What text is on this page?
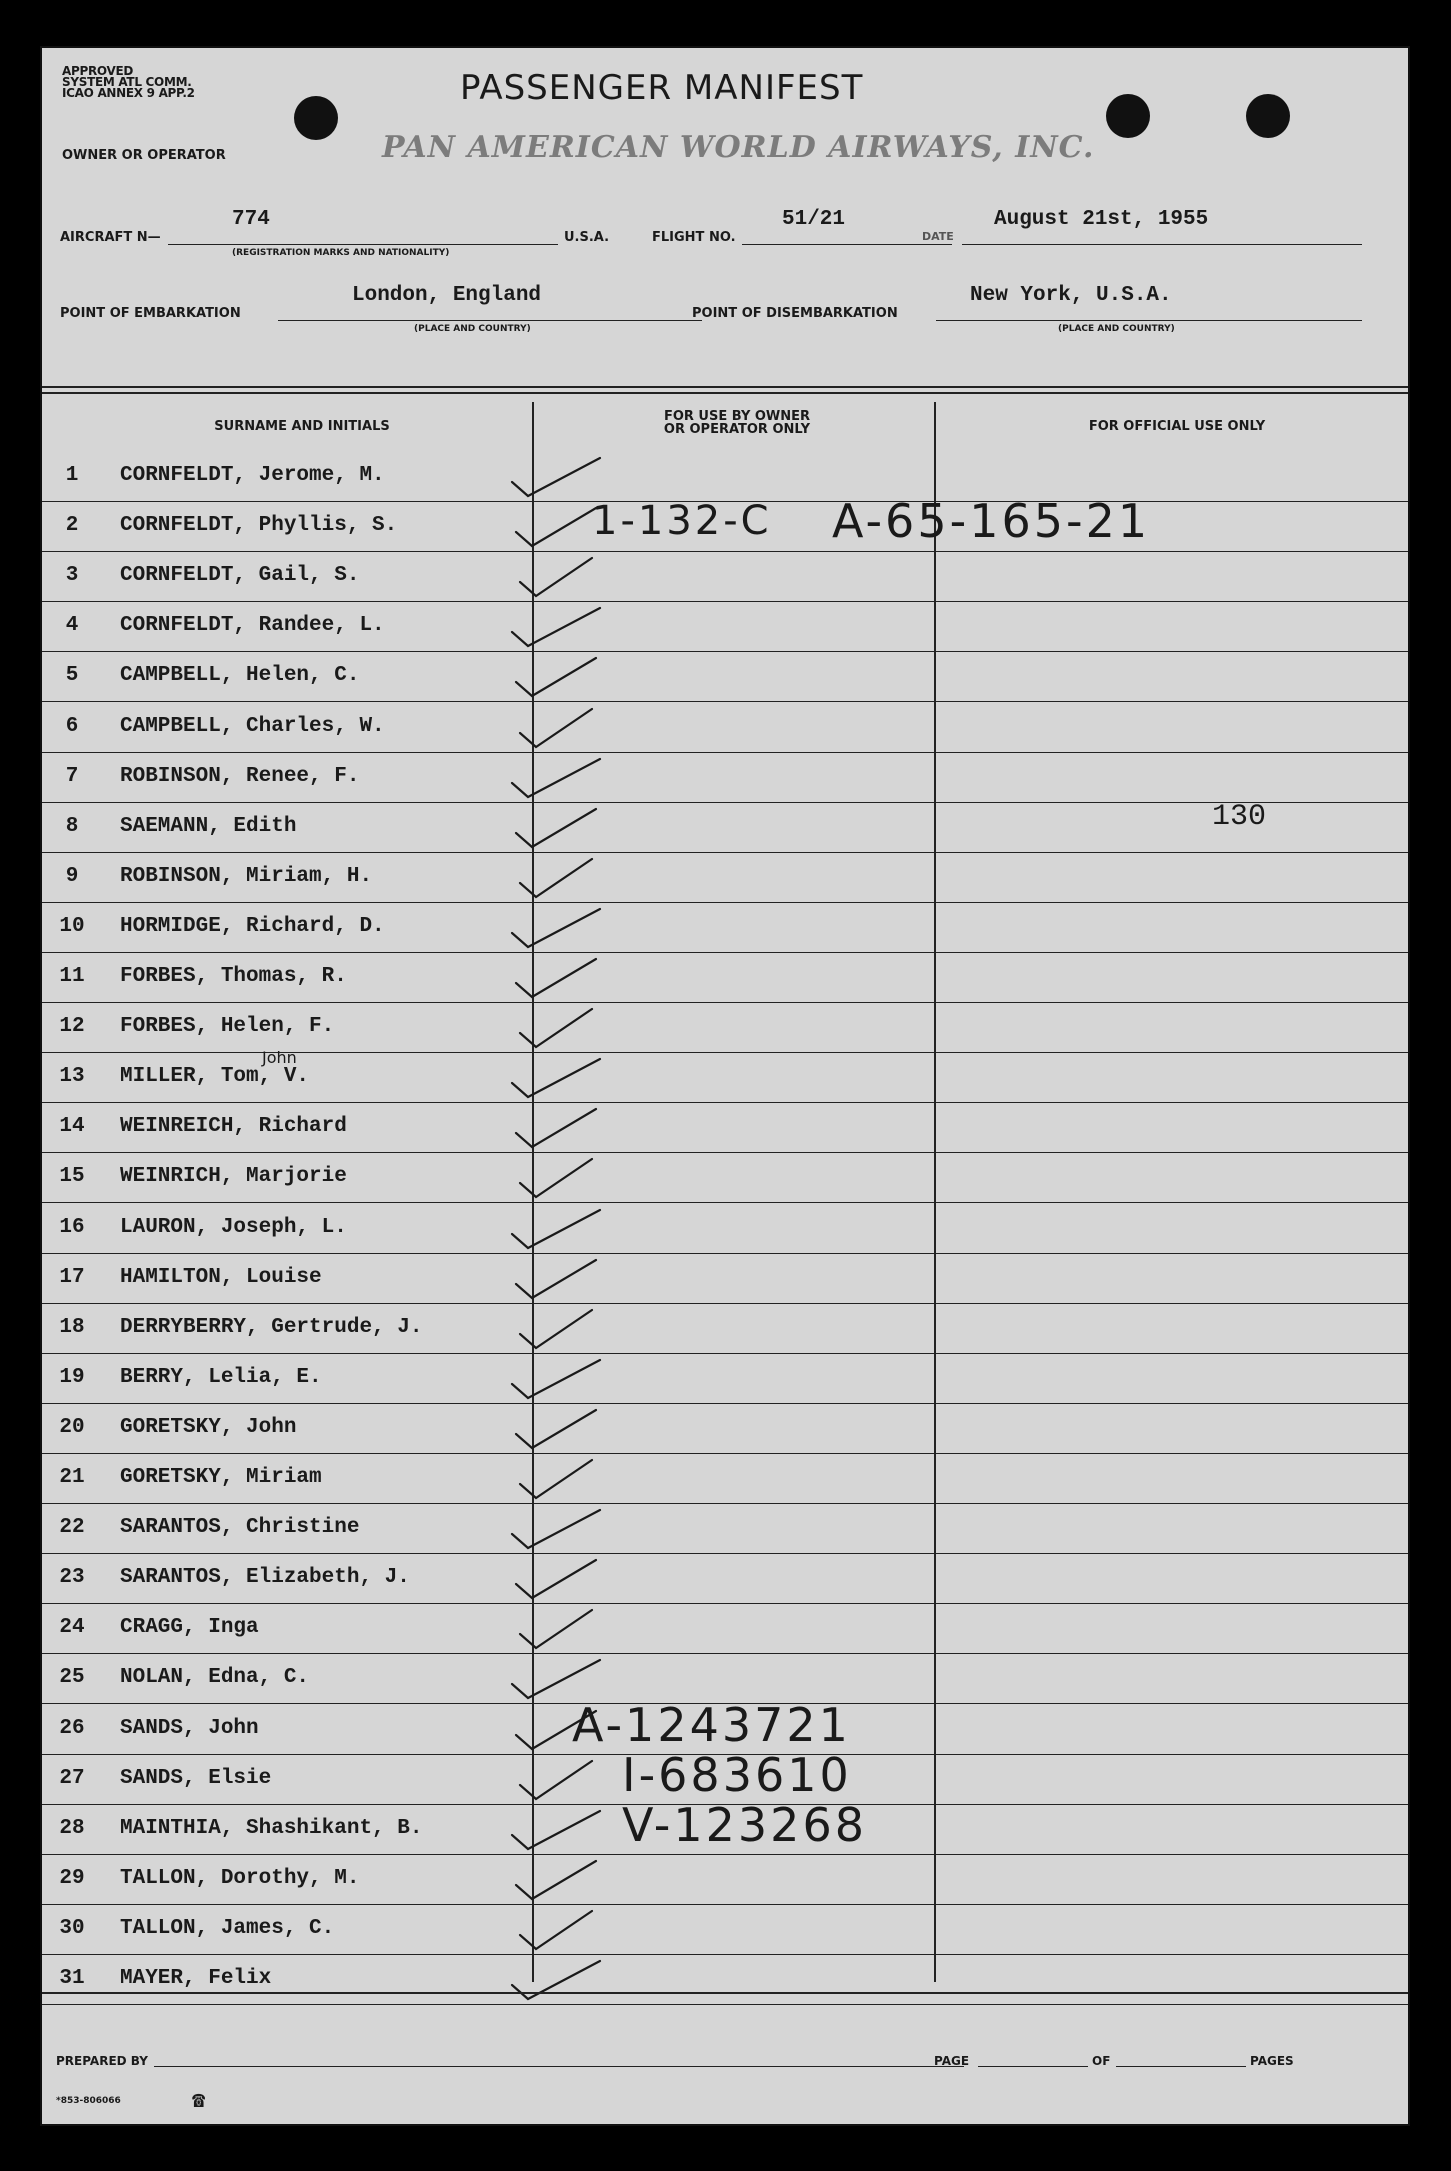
APPROVED
SYSTEM ATL COMM.
ICAO ANNEX 9 APP.2
OWNER OR OPERATOR
PASSENGER MANIFEST
PAN AMERICAN WORLD AIRWAYS, INC.
AIRCRAFT N—
774
(REGISTRATION MARKS AND NATIONALITY)
U.S.A.	FLIGHT NO.
51/21
DATE
August 21st, 1955
POINT OF EMBARKATION
London, England
(PLACE AND COUNTRY)
POINT OF DISEMBARKATION
New York, U.S.A.
(PLACE AND COUNTRY)
SURNAME AND INITIALS
FOR USE BY OWNER
OR OPERATOR ONLY	FOR OFFICIAL USE ONLY
1	CORNFELDT, Jerome, M.
2	CORNFELDT, Phyllis, S.
3	CORNFELDT, Gail, S.
4	CORNFELDT, Randee, L.
5	CAMPBELL, Helen, C.
6	CAMPBELL, Charles, W.
7	ROBINSON, Renee, F.
8	SAEMANN, Edith
9	ROBINSON, Miriam, H.
10 HORMIDGE, Richard, D.
11 FORBES, Thomas, R.
12 FORBES, Helen, F.
13 MILLER, Tom, V.
14 WEINREICH, Richard
15 WEINRICH, Marjorie
16 LAURON, Joseph, L.
17 HAMILTON, Louise
18 DERRYBERRY, Gertrude, J.
19 BERRY, Lelia, E.
20 GORETSKY, John
21 GORETSKY, Miriam
22 SARANTOS, Christine
23 SARANTOS, Elizabeth, J.
24 CRAGG, Inga
25 NOLAN, Edna, C.
26 SANDS, John
27 SANDS, Elsie
28 MAINTHIA, Shashikant, B.
29 TALLON, Dorothy, M.
30 TALLON, James, C.
31 MAYER, Felix
1-132-C A-65-165-21
John
A-1243721
I-683610
V-123268
130
PREPARED BY	PAGE	OF	PAGES
*853-806066	☎
